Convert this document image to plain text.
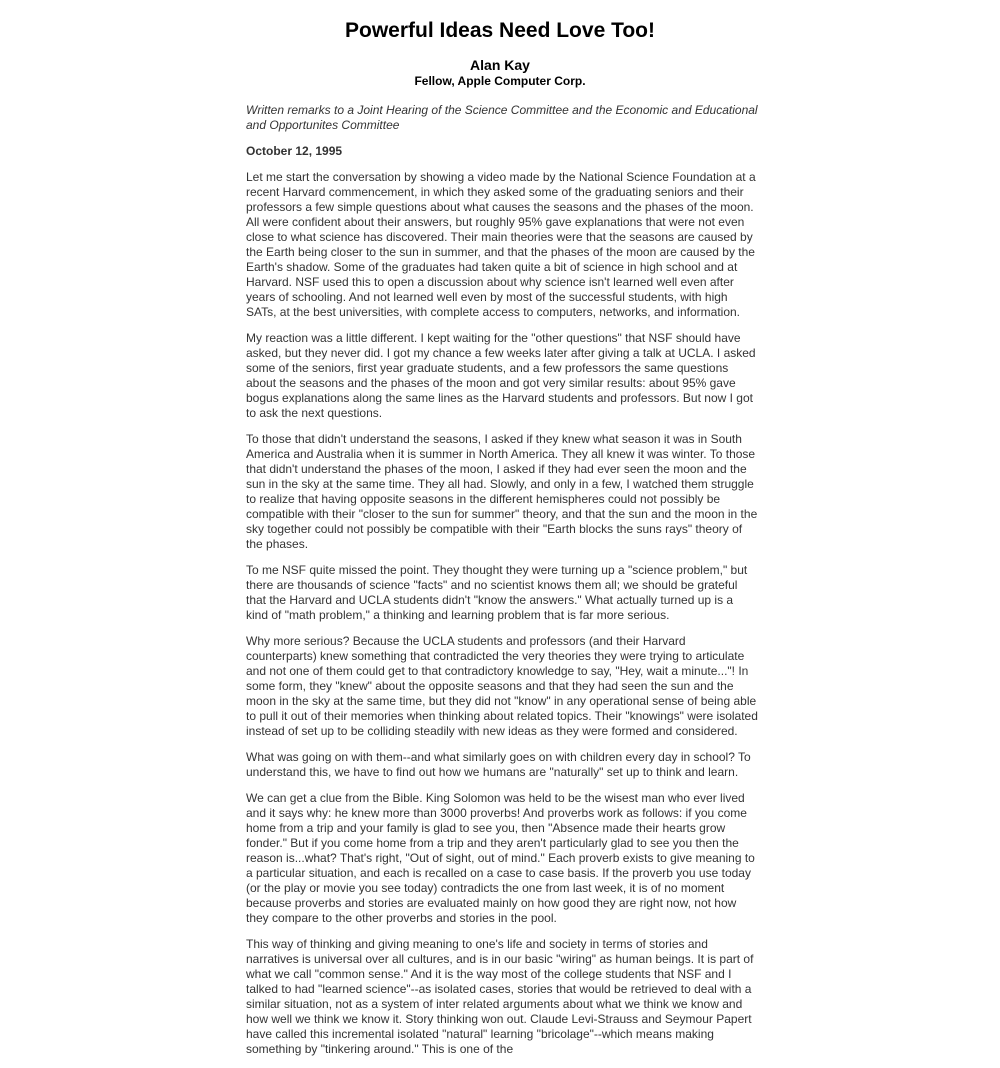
Powerful Ideas Need Love Too!
Alan Kay
Fellow, Apple Computer Corp.

Written remarks to a Joint Hearing of the Science Committee and the Economic and Educational and Opportunites Committee

October 12, 1995

Let me start the conversation by showing a video made by the National Science Foundation at a recent Harvard commencement, in which they asked some of the graduating seniors and their professors a few simple questions about what causes the seasons and the phases of the moon. All were confident about their answers, but roughly 95% gave explanations that were not even close to what science has discovered. Their main theories were that the seasons are caused by the Earth being closer to the sun in summer, and that the phases of the moon are caused by the Earth's shadow. Some of the graduates had taken quite a bit of science in high school and at Harvard. NSF used this to open a discussion about why science isn't learned well even after years of schooling. And not learned well even by most of the successful students, with high SATs, at the best universities, with complete access to computers, networks, and information.

My reaction was a little different. I kept waiting for the "other questions" that NSF should have asked, but they never did. I got my chance a few weeks later after giving a talk at UCLA. I asked some of the seniors, first year graduate students, and a few professors the same questions about the seasons and the phases of the moon and got very similar results: about 95% gave bogus explanations along the same lines as the Harvard students and professors. But now I got to ask the next questions.

To those that didn't understand the seasons, I asked if they knew what season it was in South America and Australia when it is summer in North America. They all knew it was winter. To those that didn't understand the phases of the moon, I asked if they had ever seen the moon and the sun in the sky at the same time. They all had. Slowly, and only in a few, I watched them struggle to realize that having opposite seasons in the different hemispheres could not possibly be compatible with their "closer to the sun for summer" theory, and that the sun and the moon in the sky together could not possibly be compatible with their "Earth blocks the suns rays" theory of the phases.

To me NSF quite missed the point. They thought they were turning up a "science problem," but there are thousands of science "facts" and no scientist knows them all; we should be grateful that the Harvard and UCLA students didn't "know the answers." What actually turned up is a kind of "math problem," a thinking and learning problem that is far more serious.

Why more serious? Because the UCLA students and professors (and their Harvard counterparts) knew something that contradicted the very theories they were trying to articulate and not one of them could get to that contradictory knowledge to say, "Hey, wait a minute..."! In some form, they "knew" about the opposite seasons and that they had seen the sun and the moon in the sky at the same time, but they did not "know" in any operational sense of being able to pull it out of their memories when thinking about related topics. Their "knowings" were isolated instead of set up to be colliding steadily with new ideas as they were formed and considered.

What was going on with them--and what similarly goes on with children every day in school? To understand this, we have to find out how we humans are "naturally" set up to think and learn.

We can get a clue from the Bible. King Solomon was held to be the wisest man who ever lived and it says why: he knew more than 3000 proverbs! And proverbs work as follows: if you come home from a trip and your family is glad to see you, then "Absence made their hearts grow fonder." But if you come home from a trip and they aren't particularly glad to see you then the reason is...what? That's right, "Out of sight, out of mind." Each proverb exists to give meaning to a particular situation, and each is recalled on a case to case basis. If the proverb you use today (or the play or movie you see today) contradicts the one from last week, it is of no moment because proverbs and stories are evaluated mainly on how good they are right now, not how they compare to the other proverbs and stories in the pool.

This way of thinking and giving meaning to one's life and society in terms of stories and narratives is universal over all cultures, and is in our basic "wiring" as human beings. It is part of what we call "common sense." And it is the way most of the college students that NSF and I talked to had "learned science"--as isolated cases, stories that would be retrieved to deal with a similar situation, not as a system of inter related arguments about what we think we know and how well we think we know it. Story thinking won out. Claude Levi-Strauss and Seymour Papert have called this incremental isolated "natural" learning "bricolage"--which means making something by "tinkering around." This is one of the
